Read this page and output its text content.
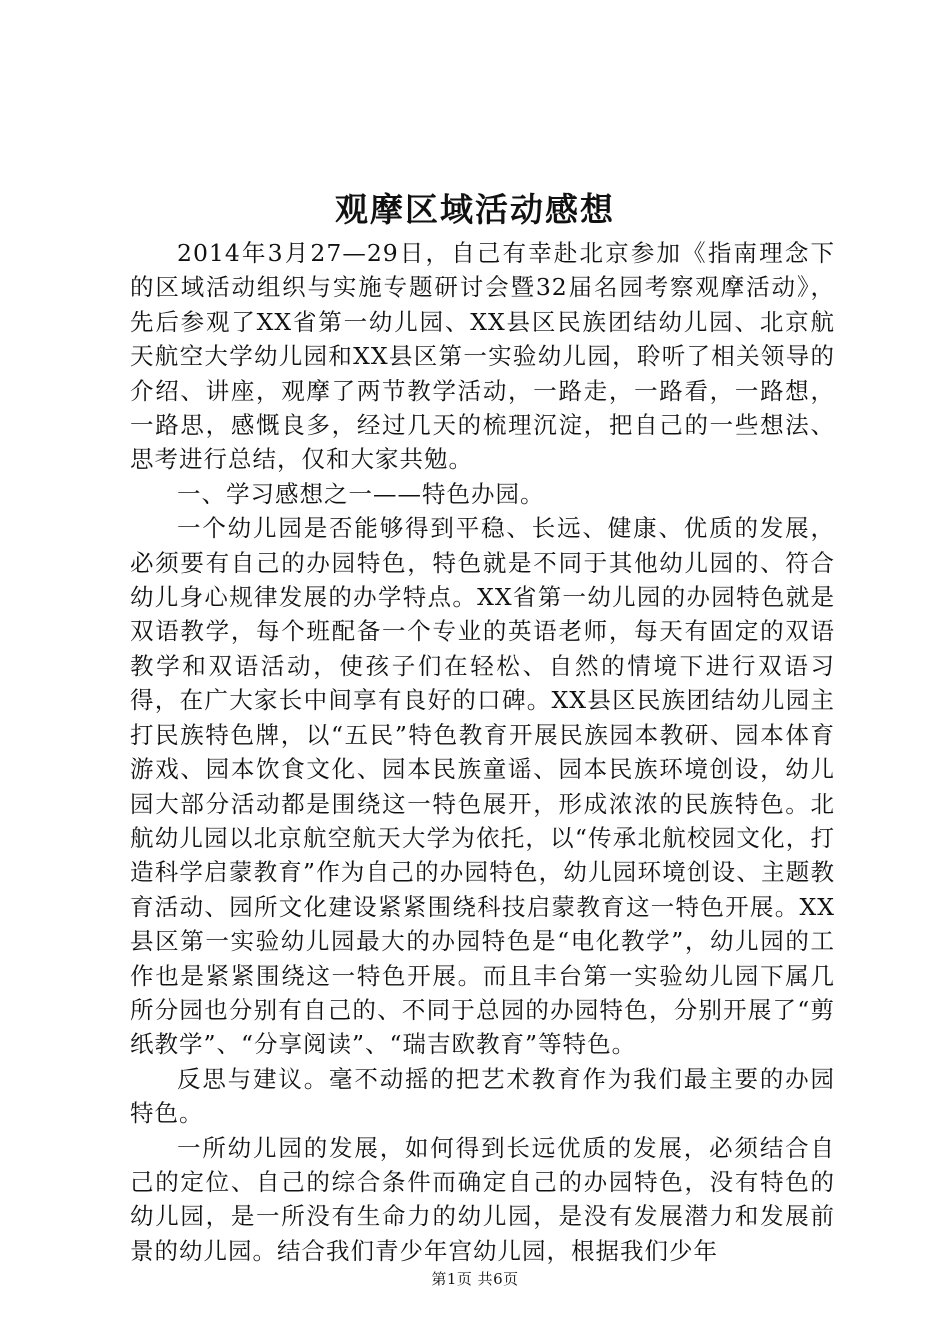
观摩区域活动感想

2014年3月27—29日，自己有幸赴北京参加《指南理念下的区域活动组织与实施专题研讨会暨32届名园考察观摩活动》，先后参观了XX省第一幼儿园、XX县区民族团结幼儿园、北京航天航空大学幼儿园和XX县区第一实验幼儿园，聆听了相关领导的介绍、讲座，观摩了两节教学活动，一路走，一路看，一路想，一路思，感慨良多，经过几天的梳理沉淀，把自己的一些想法、思考进行总结，仅和大家共勉。

一、学习感想之一——特色办园。

一个幼儿园是否能够得到平稳、长远、健康、优质的发展，必须要有自己的办园特色，特色就是不同于其他幼儿园的、符合幼儿身心规律发展的办学特点。XX省第一幼儿园的办园特色就是双语教学，每个班配备一个专业的英语老师，每天有固定的双语教学和双语活动，使孩子们在轻松、自然的情境下进行双语习得，在广大家长中间享有良好的口碑。XX县区民族团结幼儿园主打民族特色牌，以“五民”特色教育开展民族园本教研、园本体育游戏、园本饮食文化、园本民族童谣、园本民族环境创设，幼儿园大部分活动都是围绕这一特色展开，形成浓浓的民族特色。北航幼儿园以北京航空航天大学为依托，以“传承北航校园文化，打造科学启蒙教育”作为自己的办园特色，幼儿园环境创设、主题教育活动、园所文化建设紧紧围绕科技启蒙教育这一特色开展。XX县区第一实验幼儿园最大的办园特色是“电化教学”，幼儿园的工作也是紧紧围绕这一特色开展。而且丰台第一实验幼儿园下属几所分园也分别有自己的、不同于总园的办园特色，分别开展了“剪纸教学”、“分享阅读”、“瑞吉欧教育”等特色。

反思与建议。毫不动摇的把艺术教育作为我们最主要的办园特色。

一所幼儿园的发展，如何得到长远优质的发展，必须结合自己的定位、自己的综合条件而确定自己的办园特色，没有特色的幼儿园，是一所没有生命力的幼儿园，是没有发展潜力和发展前景的幼儿园。结合我们青少年宫幼儿园，根据我们少年

第1页 共6页
